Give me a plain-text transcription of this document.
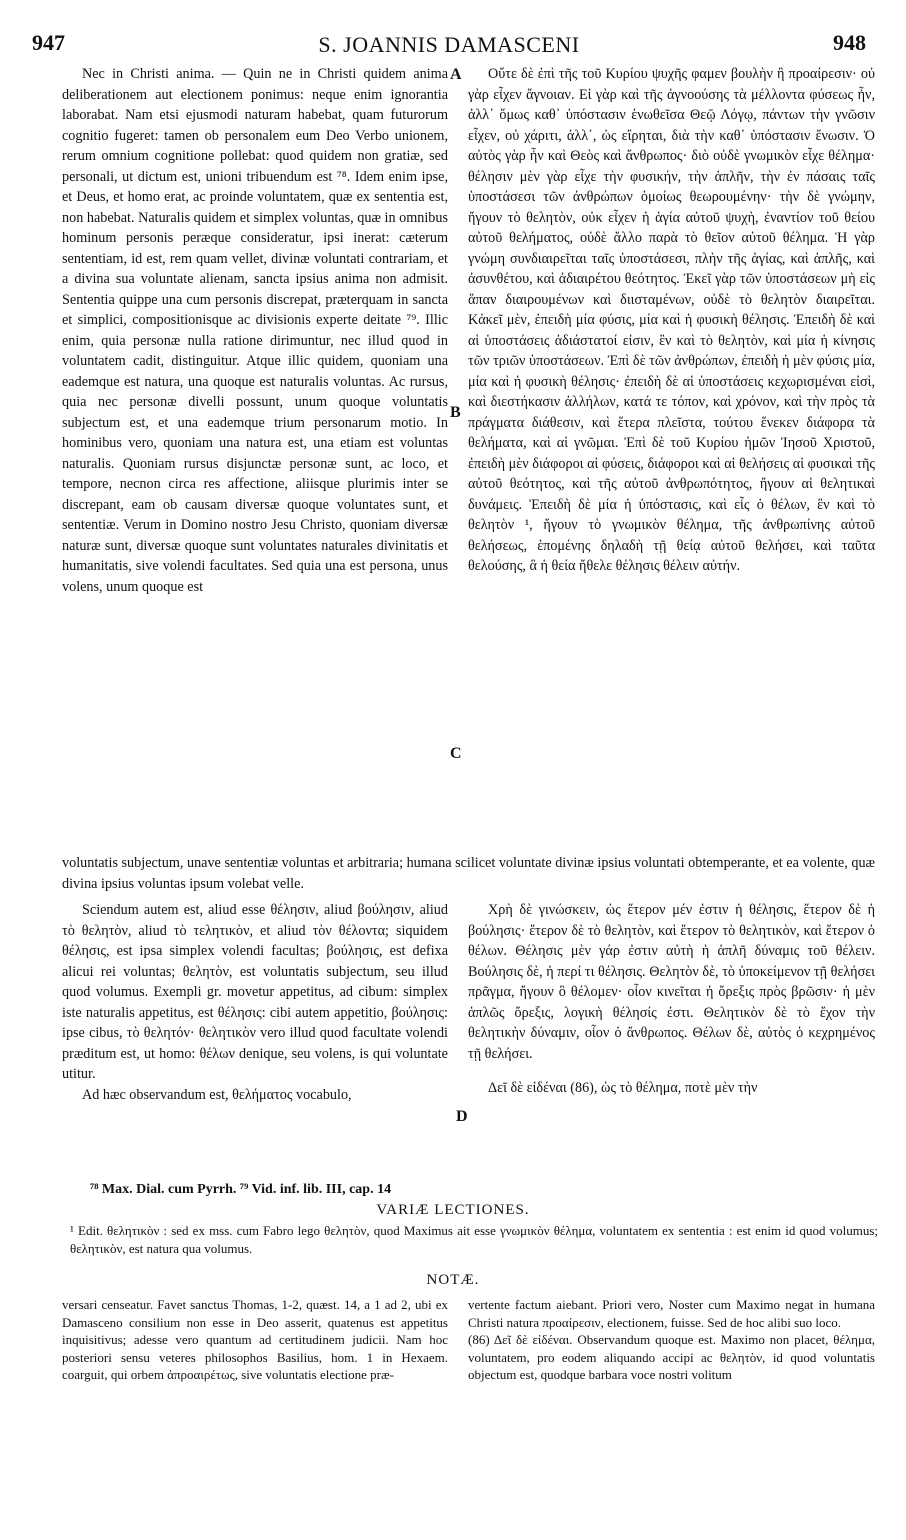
947	S. JOANNIS DAMASCENI	948

Nec in Christi anima. — Quin ne in Christi quidem anima deliberationem aut electionem ponimus: neque enim ignorantia laborabat. Nam etsi ejusmodi naturam habebat, quam futurorum cognitio fugeret: tamen ob personalem eum Deo Verbo unionem, rerum omnium cognitione pollebat: quod quidem non gratiæ, sed personali, ut dictum est, unioni tribuendum est ⁷⁸. Idem enim ipse, et Deus, et homo erat, ac proinde voluntatem, quæ ex sententia est, non habebat. Naturalis quidem et simplex voluntas, quæ in omnibus hominum personis peræque consideratur, ipsi inerat: cæterum sententiam, id est, rem quam vellet, divinæ voluntati contrariam, et a divina sua voluntate alienam, sancta ipsius anima non admisit. Sententia quippe una cum personis discrepat, præterquam in sancta et simplici, compositionisque ac divisionis experte deitate ⁷⁹. Illic enim, quia personæ nulla ratione dirimuntur, nec illud quod in voluntatem cadit, distinguitur. Atque illic quidem, quoniam una eademque est natura, una quoque est naturalis voluntas. Ac rursus, quia nec personæ divelli possunt, unum quoque voluntatis subjectum est, et una eademque trium personarum motio. In hominibus vero, quoniam una natura est, una etiam est voluntas naturalis. Quoniam rursus disjunctæ personæ sunt, ac loco, et tempore, necnon circa res affectione, aliisque plurimis inter se discrepant, eam ob causam diversæ quoque voluntates sunt, et sententiæ. Verum in Domino nostro Jesu Christo, quoniam diversæ naturæ sunt, diversæ quoque sunt voluntates naturales divinitatis et humanitatis, sive volendi facultates. Sed quia una est persona, unus volens, unum quoque est

Οὔτε δὲ ἐπὶ τῆς τοῦ Κυρίου ψυχῆς φαμεν βουλὴν ἢ προαίρεσιν· οὐ γὰρ εἶχεν ἄγνοιαν. Εἰ γὰρ καὶ τῆς ἀγνοούσης τὰ μέλλοντα φύσεως ἦν, ἀλλ᾽ ὅμως καθ᾽ ὑπόστασιν ἑνωθεῖσα Θεῷ Λόγῳ, πάντων τὴν γνῶσιν εἶχεν, οὐ χάριτι, ἀλλ᾽, ὡς εἴρηται, διὰ τὴν καθ᾽ ὑπόστασιν ἕνωσιν. Ὁ αὐτὸς γὰρ ἦν καὶ Θεὸς καὶ ἄνθρωπος· διὸ οὐδὲ γνωμικὸν εἶχε θέλημα· θέλησιν μὲν γὰρ εἶχε τὴν φυσικήν, τὴν ἁπλῆν, τὴν ἐν πάσαις ταῖς ὑποστάσεσι τῶν ἀνθρώπων ὁμοίως θεωρουμένην· τὴν δὲ γνώμην, ἤγουν τὸ θελητὸν, οὐκ εἶχεν ἡ ἁγία αὐτοῦ ψυχὴ, ἐναντίον τοῦ θείου αὐτοῦ θελήματος, οὐδὲ ἄλλο παρὰ τὸ θεῖον αὐτοῦ θέλημα. Ἡ γὰρ γνώμη συνδιαιρεῖται ταῖς ὑποστάσεσι, πλὴν τῆς ἁγίας, καὶ ἁπλῆς, καὶ ἀσυνθέτου, καὶ ἀδιαιρέτου θεότητος. Ἐκεῖ γὰρ τῶν ὑποστάσεων μὴ εἰς ἅπαν διαιρουμένων καὶ διισταμένων, οὐδὲ τὸ θελητὸν διαιρεῖται. Κἀκεῖ μὲν, ἐπειδὴ μία φύσις, μία καὶ ἡ φυσικὴ θέλησις. Ἐπειδὴ δὲ καὶ αἱ ὑποστάσεις ἀδιάστατοί εἰσιν, ἓν καὶ τὸ θελητὸν, καὶ μία ἡ κίνησις τῶν τριῶν ὑποστάσεων. Ἐπὶ δὲ τῶν ἀνθρώπων, ἐπειδὴ ἡ μὲν φύσις μία, μία καὶ ἡ φυσικὴ θέλησις· ἐπειδὴ δὲ αἱ ὑποστάσεις κεχωρισμέναι εἰσὶ, καὶ διεστήκασιν ἀλλήλων, κατά τε τόπον, καὶ χρόνον, καὶ τὴν πρὸς τὰ πράγματα διάθεσιν, καὶ ἕτερα πλεῖστα, τούτου ἕνεκεν διάφορα τὰ θελήματα, καὶ αἱ γνῶμαι. Ἐπὶ δὲ τοῦ Κυρίου ἡμῶν Ἰησοῦ Χριστοῦ, ἐπειδὴ μὲν διάφοροι αἱ φύσεις, διάφοροι καὶ αἱ θελήσεις αἱ φυσικαὶ τῆς αὐτοῦ θεότητος, καὶ τῆς αὐτοῦ ἀνθρωπότητος, ἤγουν αἱ θελητικαὶ δυνάμεις. Ἐπειδὴ δὲ μία ἡ ὑπόστασις, καὶ εἷς ὁ θέλων, ἓν καὶ τὸ θελητὸν ¹, ἤγουν τὸ γνωμικὸν θέλημα, τῆς ἀνθρωπίνης αὐτοῦ θελήσεως, ἑπομένης δηλαδὴ τῇ θείᾳ αὐτοῦ θελήσει, καὶ ταῦτα θελούσης, ἃ ἡ θεία ἤθελε θέλησις θέλειν αὐτήν.

A
B
C
D
voluntatis subjectum, unave sententiæ voluntas et arbitraria; humana scilicet voluntate divinæ ipsius voluntati obtemperante, et ea volente, quæ divina ipsius voluntas ipsum volebat velle.

Sciendum autem est, aliud esse θέλησιν, aliud βούλησιν, aliud τὸ θελητὸν, aliud τὸ τελητικὸν, et aliud τὸν θέλοντα; siquidem θέλησις, est ipsa simplex volendi facultas; βούλησις, est defixa alicui rei voluntas; θελητὸν, est voluntatis subjectum, seu illud quod volumus. Exempli gr. movetur appetitus, ad cibum: simplex iste naturalis appetitus, est θέλησις: cibi autem appetitio, βούλησις: ipse cibus, τὸ θελητόν· θελητικὸν vero illud quod facultate volendi præditum est, ut homo: θέλων denique, seu volens, is qui voluntate utitur.

Ad hæc observandum est, θελήματος vocabulo,

Χρὴ δὲ γινώσκειν, ὡς ἕτερον μέν ἐστιν ἡ θέλησις, ἕτερον δὲ ἡ βούλησις· ἕτερον δὲ τὸ θελητὸν, καὶ ἕτερον τὸ θελητικὸν, καὶ ἕτερον ὁ θέλων. Θέλησις μὲν γάρ ἐστιν αὐτὴ ἡ ἁπλῆ δύναμις τοῦ θέλειν. Βούλησις δὲ, ἡ περί τι θέλησις. Θελητὸν δὲ, τὸ ὑποκείμενον τῇ θελήσει πρᾶγμα, ἤγουν ὃ θέλομεν· οἷον κινεῖται ἡ ὄρεξις πρὸς βρῶσιν· ἡ μὲν ἁπλῶς ὄρεξις, λογικὴ θέλησίς ἐστι. Θελητικὸν δὲ τὸ ἔχον τὴν θελητικὴν δύναμιν, οἷον ὁ ἄνθρωπος. Θέλων δὲ, αὐτὸς ὁ κεχρημένος τῇ θελήσει.

Δεῖ δὲ εἰδέναι (86), ὡς τὸ θέλημα, ποτὲ μὲν τὴν

⁷⁸ Max. Dial. cum Pyrrh. ⁷⁹ Vid. inf. lib. III, cap. 14
VARIÆ LECTIONES.
¹ Edit. θελητικὸν : sed ex mss. cum Fabro lego θελητὸν, quod Maximus ait esse γνωμικὸν θέλημα, voluntatem ex sententia : est enim id quod volumus; θελητικὸν, est natura qua volumus.
NOTÆ.
versari censeatur. Favet sanctus Thomas, 1-2, quæst. 14, a 1 ad 2, ubi ex Damasceno consilium non esse in Deo asserit, quatenus est appetitus inquisitivus; adesse vero quantum ad certitudinem judicii. Nam hoc posteriori sensu veteres philosophos Basilius, hom. 1 in Hexaem. coarguit, qui orbem ἀπροαιρέτως, sive voluntatis electione præ-
vertente factum aiebant. Priori vero, Noster cum Maximo negat in humana Christi natura προαίρεσιν, electionem, fuisse. Sed de hoc alibi suo loco.
(86) Δεῖ δὲ εἰδέναι. Observandum quoque est. Maximo non placet, θέλημα, voluntatem, pro eodem aliquando accipi ac θελητὸν, id quod voluntatis objectum est, quodque barbara voce nostri volitum
